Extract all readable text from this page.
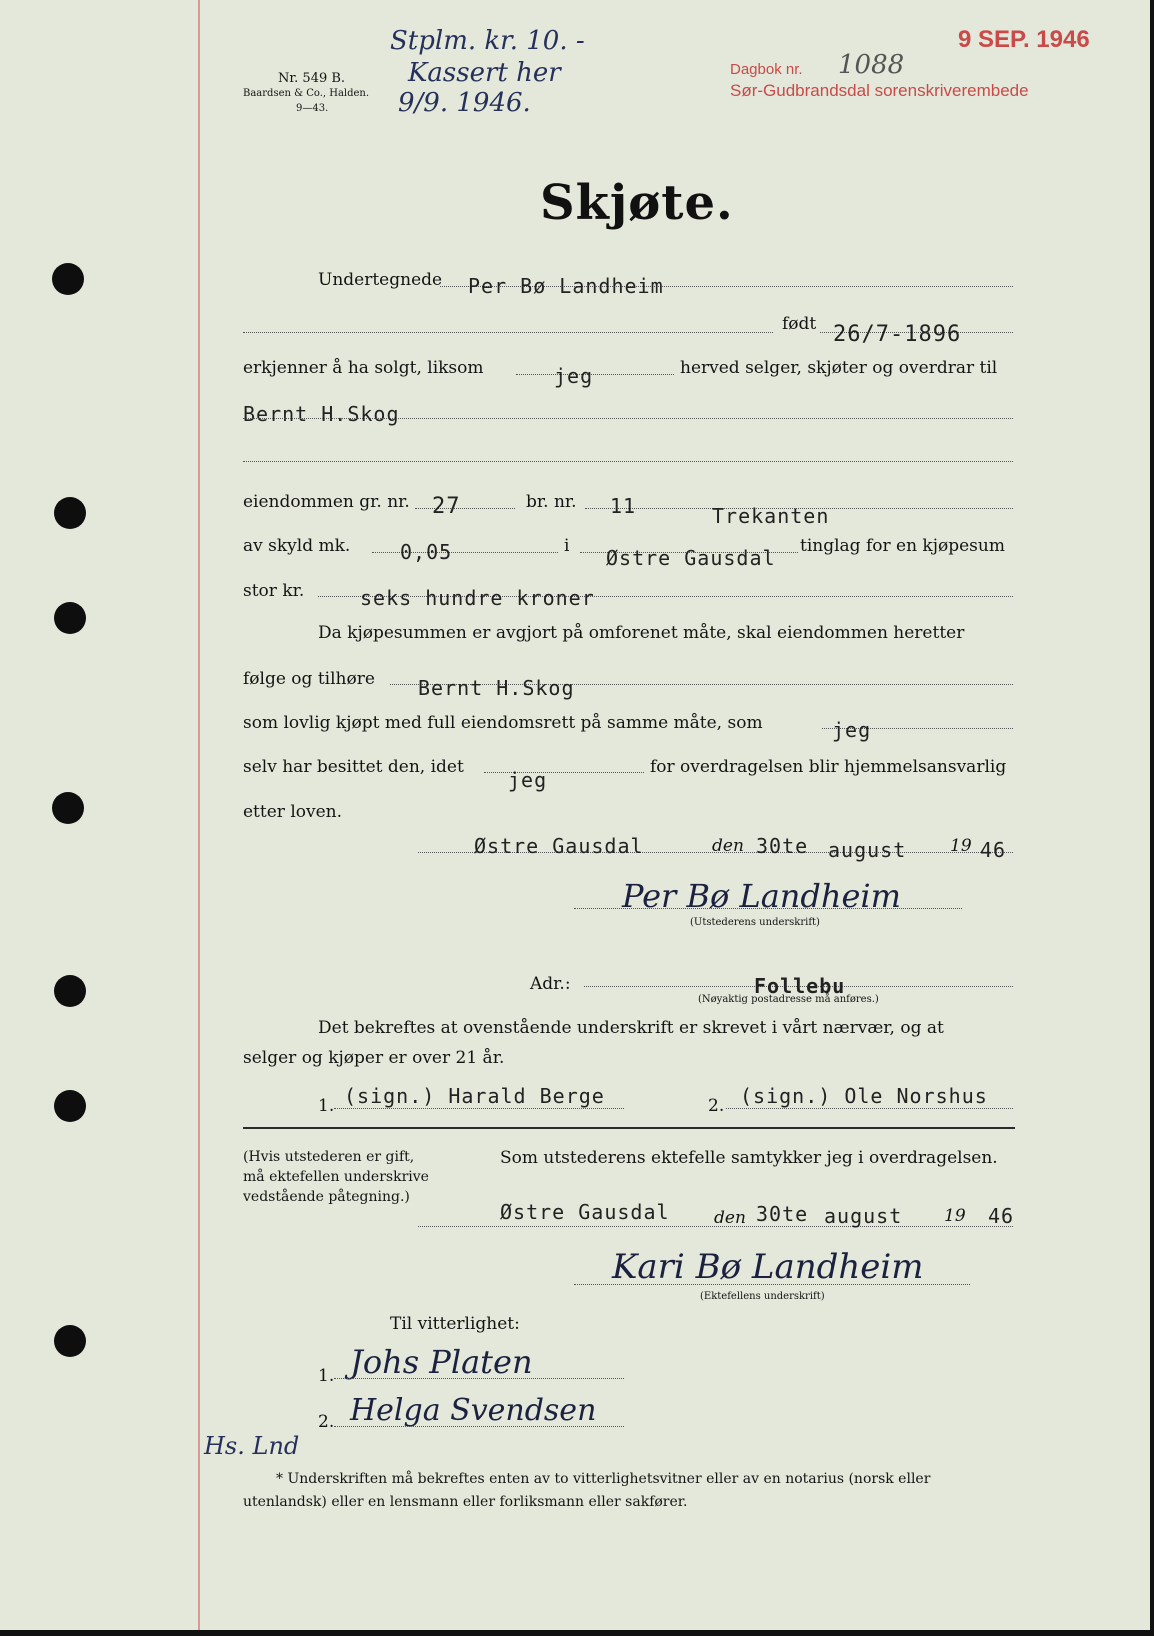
Nr. 549 B.
Baardsen & Co., Halden.
9—43.
Stplm. kr. 10. -
Kassert her
9/9. 1946.
Dagbok nr. 1088
9 SEP. 1946
Sør-Gudbrandsdal sorenskriverembede
Skjøte.
Undertegnede Per Bø Landheim
født 26/7-1896
erkjenner å ha solgt, liksom	jeg	herved selger, skjøter og overdrar til
Bernt H.Skog
eiendommen gr. nr. 27	br. nr. 11	Trekanten
av skyld mk. 0,05	i Østre Gausdal tinglag for en kjøpesum
stor kr.	seks hundre kroner
Da kjøpesummen er avgjort på omforenet måte, skal eiendommen heretter
følge og tilhøre Bernt H.Skog
som lovlig kjøpt med full eiendomsrett på samme måte, som	jeg
selv har besittet den, idet
jeg
for overdragelsen blir hjemmelsansvarlig
etter loven.
Østre Gausdal	den 30te august	19 46
Per Bø Landheim
(Utstederens underskrift)
Adr.:	Follebu
(Nøyaktig postadresse må anføres.)
Det bekreftes at ovenstående underskrift er skrevet i vårt nærvær, og at
selger og kjøper er over 21 år.
1. (sign.) Harald Berge	2. (sign.) Ole Norshus
(Hvis utstederen er gift,
må ektefellen underskrive
vedstående påtegning.)
Som utstederens ektefelle samtykker jeg i overdragelsen.
Østre Gausdal	den 30te august 19 46
Kari Bø Landheim
(Ektefellens underskrift)
Til vitterlighet:
1. Johs Platen
2. Helga Svendsen
Hs. Lnd
* Underskriften må bekreftes enten av to vitterlighetsvitner eller av en notarius (norsk eller
utenlandsk) eller en lensmann eller forliksmann eller sakfører.
